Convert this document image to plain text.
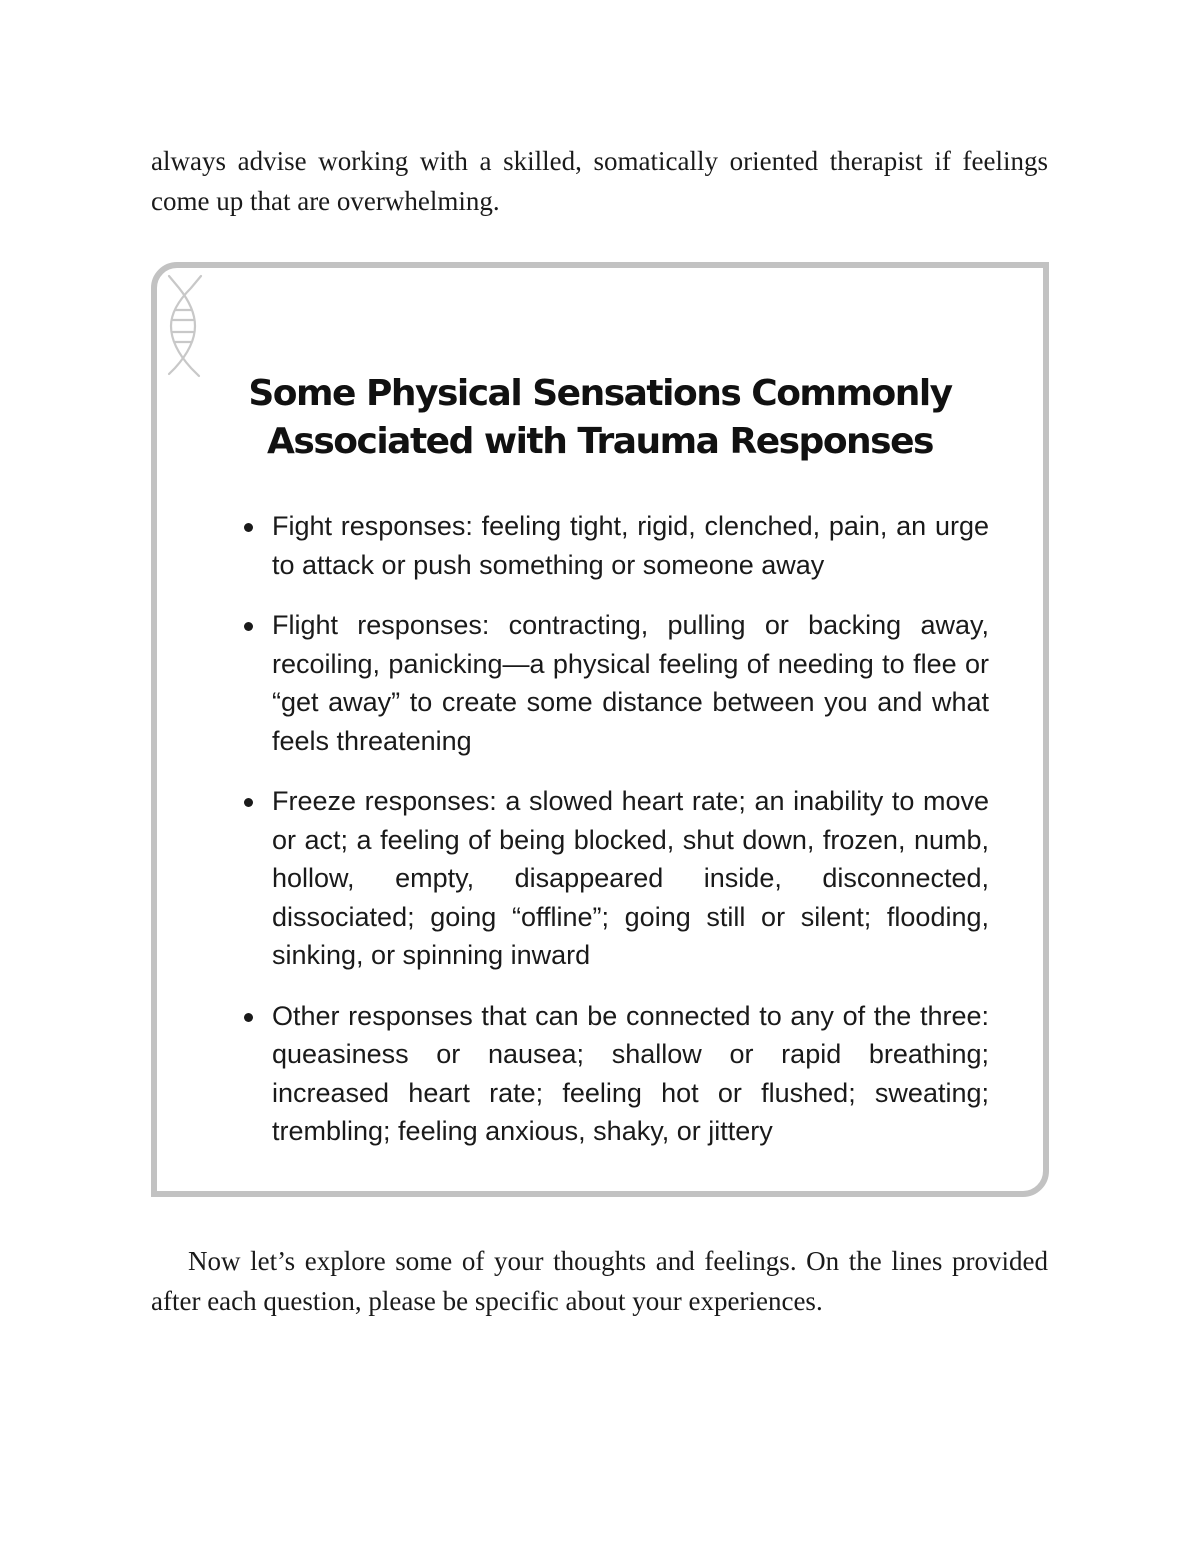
always advise working with a skilled, somatically oriented therapist if feelings come up that are overwhelming.

Some Physical Sensations Commonly
Associated with Trauma Responses
Fight responses: feeling tight, rigid, clenched, pain, an urge to attack or push something or someone away
Flight responses: contracting, pulling or backing away, recoiling, panicking—a physical feeling of needing to flee or “get away” to create some distance between you and what feels threatening
Freeze responses: a slowed heart rate; an inability to move or act; a feeling of being blocked, shut down, frozen, numb, hollow, empty, disappeared inside, disconnected, dissociated; going “offline”; going still or silent; flooding, sinking, or spinning inward
Other responses that can be connected to any of the three: queasiness or nausea; shallow or rapid breathing; increased heart rate; feeling hot or flushed; sweating; trembling; feeling anxious, shaky, or jittery

Now let’s explore some of your thoughts and feelings. On the lines provided after each question, please be specific about your experiences.
